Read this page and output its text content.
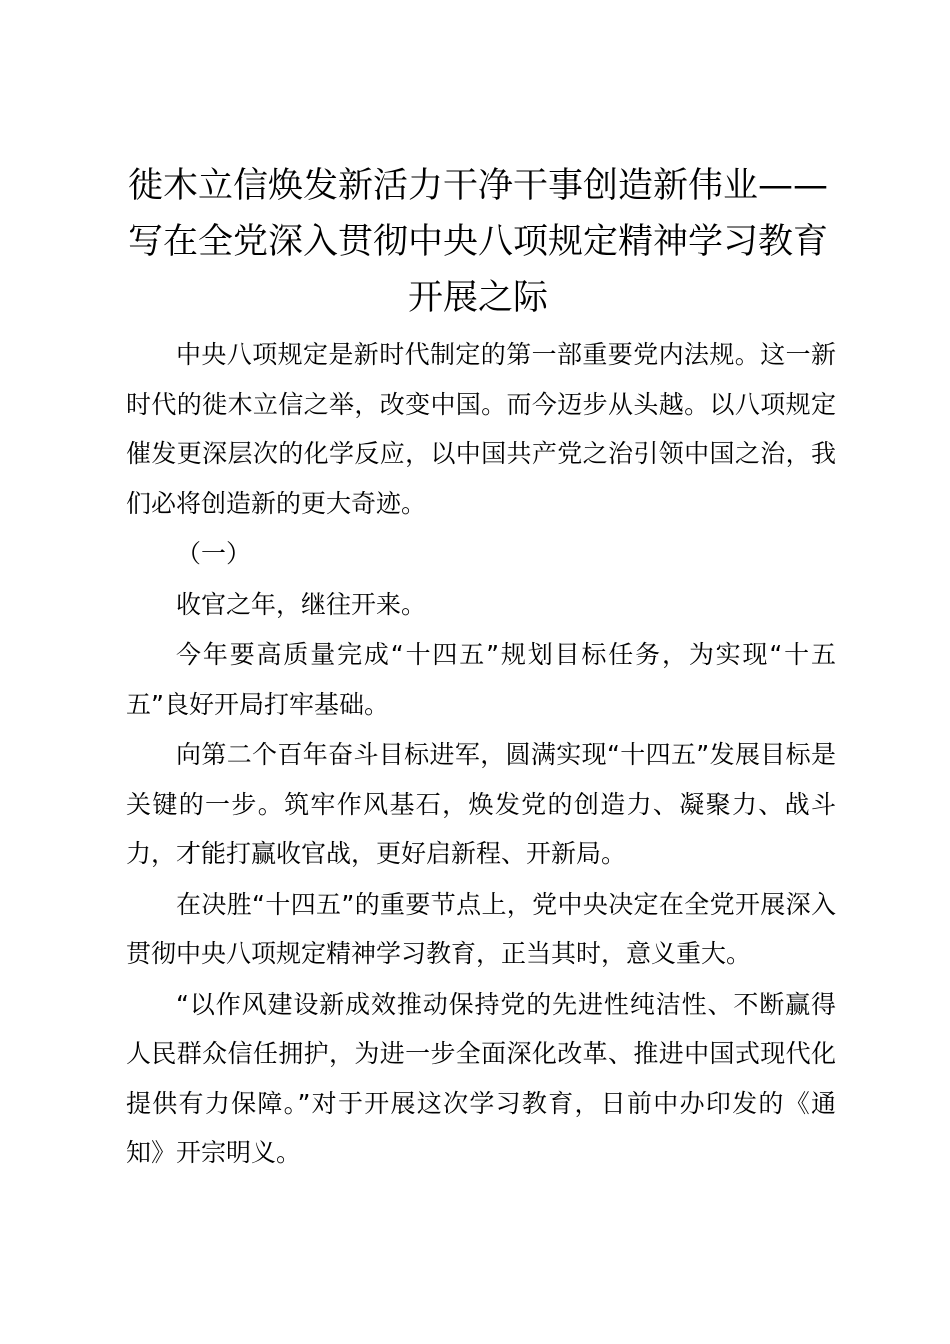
徙木立信焕发新活力干净干事创造新伟业——写在全党深入贯彻中央八项规定精神学习教育开展之际

中央八项规定是新时代制定的第一部重要党内法规。这一新时代的徙木立信之举，改变中国。而今迈步从头越。以八项规定催发更深层次的化学反应，以中国共产党之治引领中国之治，我们必将创造新的更大奇迹。

（一）

收官之年，继往开来。

今年要高质量完成“十四五”规划目标任务，为实现“十五五”良好开局打牢基础。

向第二个百年奋斗目标进军，圆满实现“十四五”发展目标是关键的一步。筑牢作风基石，焕发党的创造力、凝聚力、战斗力，才能打赢收官战，更好启新程、开新局。

在决胜“十四五”的重要节点上，党中央决定在全党开展深入贯彻中央八项规定精神学习教育，正当其时，意义重大。

“以作风建设新成效推动保持党的先进性纯洁性、不断赢得人民群众信任拥护，为进一步全面深化改革、推进中国式现代化提供有力保障。”对于开展这次学习教育，日前中办印发的《通知》开宗明义。
